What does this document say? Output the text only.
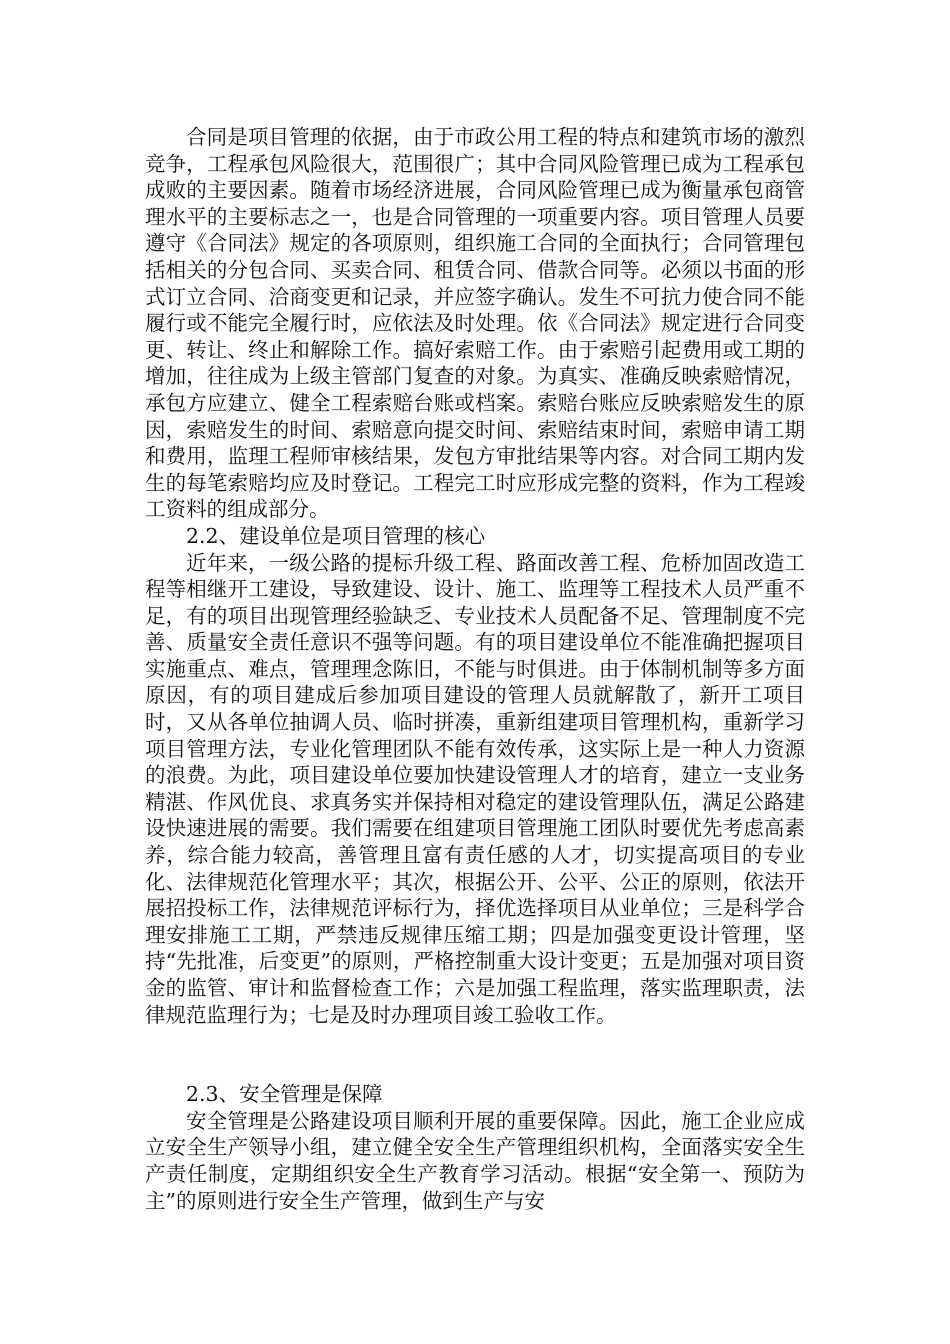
合同是项目管理的依据，由于市政公用工程的特点和建筑市场的激烈竞争，工程承包风险很大，范围很广；其中合同风险管理已成为工程承包成败的主要因素。随着市场经济进展，合同风险管理已成为衡量承包商管理水平的主要标志之一，也是合同管理的一项重要内容。项目管理人员要遵守《合同法》规定的各项原则，组织施工合同的全面执行；合同管理包括相关的分包合同、买卖合同、租赁合同、借款合同等。必须以书面的形式订立合同、洽商变更和记录，并应签字确认。发生不可抗力使合同不能履行或不能完全履行时，应依法及时处理。依《合同法》规定进行合同变更、转让、终止和解除工作。搞好索赔工作。由于索赔引起费用或工期的增加，往往成为上级主管部门复查的对象。为真实、准确反映索赔情况，承包方应建立、健全工程索赔台账或档案。索赔台账应反映索赔发生的原因，索赔发生的时间、索赔意向提交时间、索赔结束时间，索赔申请工期和费用，监理工程师审核结果，发包方审批结果等内容。对合同工期内发生的每笔索赔均应及时登记。工程完工时应形成完整的资料，作为工程竣工资料的组成部分。

2.2、建设单位是项目管理的核心

近年来，一级公路的提标升级工程、路面改善工程、危桥加固改造工程等相继开工建设，导致建设、设计、施工、监理等工程技术人员严重不足，有的项目出现管理经验缺乏、专业技术人员配备不足、管理制度不完善、质量安全责任意识不强等问题。有的项目建设单位不能准确把握项目实施重点、难点，管理理念陈旧，不能与时俱进。由于体制机制等多方面原因，有的项目建成后参加项目建设的管理人员就解散了，新开工项目时，又从各单位抽调人员、临时拼凑，重新组建项目管理机构，重新学习项目管理方法，专业化管理团队不能有效传承，这实际上是一种人力资源的浪费。为此，项目建设单位要加快建设管理人才的培育，建立一支业务精湛、作风优良、求真务实并保持相对稳定的建设管理队伍，满足公路建设快速进展的需要。我们需要在组建项目管理施工团队时要优先考虑高素养，综合能力较高，善管理且富有责任感的人才，切实提高项目的专业化、法律规范化管理水平；其次，根据公开、公平、公正的原则，依法开展招投标工作，法律规范评标行为，择优选择项目从业单位；三是科学合理安排施工工期，严禁违反规律压缩工期；四是加强变更设计管理，坚持“先批准，后变更”的原则，严格控制重大设计变更；五是加强对项目资金的监管、审计和监督检查工作；六是加强工程监理，落实监理职责，法律规范监理行为；七是及时办理项目竣工验收工作。

2.3、安全管理是保障

安全管理是公路建设项目顺利开展的重要保障。因此，施工企业应成立安全生产领导小组，建立健全安全生产管理组织机构，全面落实安全生产责任制度，定期组织安全生产教育学习活动。根据“安全第一、预防为主”的原则进行安全生产管理，做到生产与安
